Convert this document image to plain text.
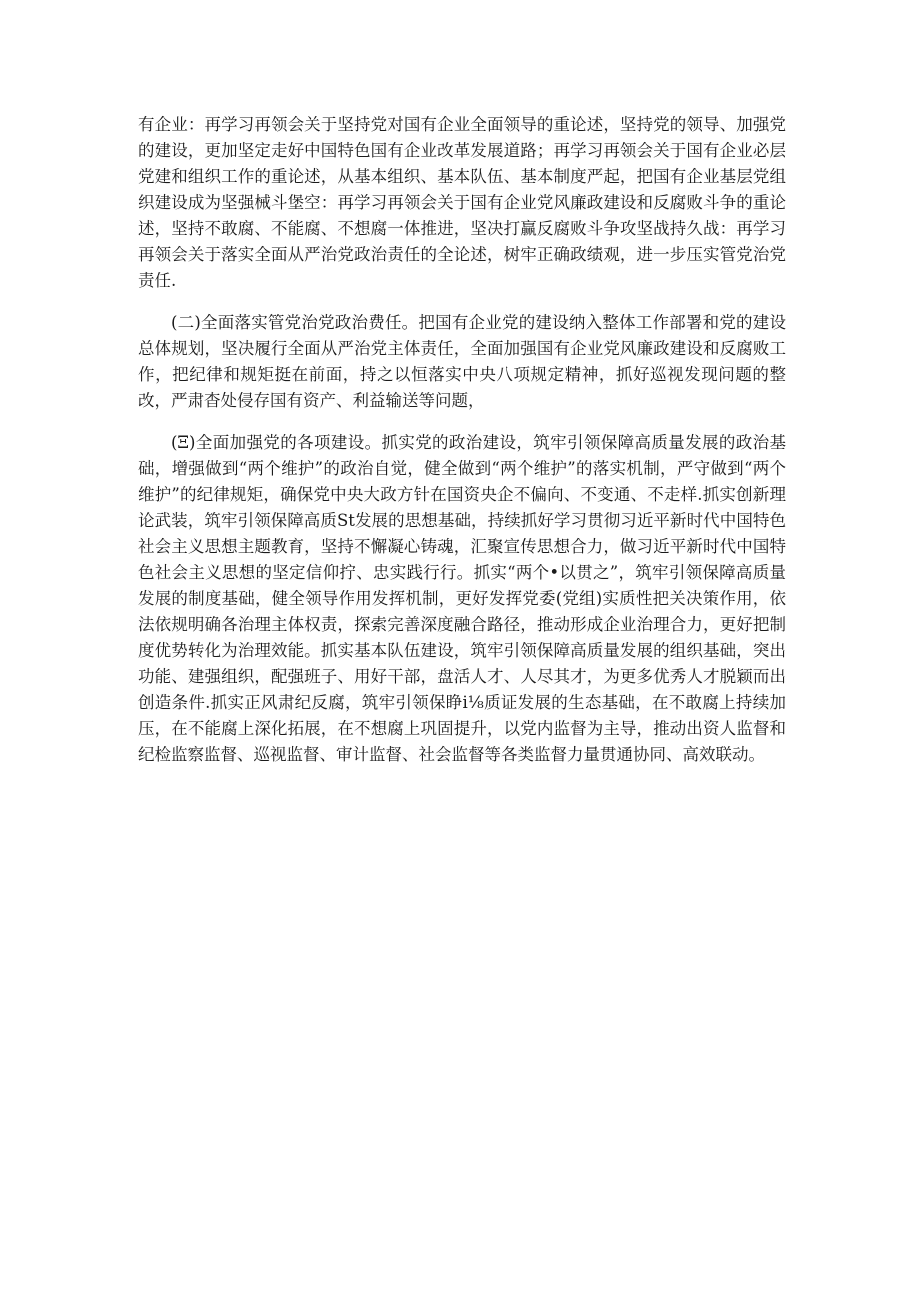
有企业：再学习再领会关于坚持党对国有企业全面领导的重论述，坚持党的领导、加强党的建设，更加坚定走好中国特色国有企业改革发展道路；再学习再领会关于国有企业必层党建和组织工作的重论述，从基本组织、基本队伍、基本制度严起，把国有企业基层党组织建设成为坚强械斗堡空：再学习再领会关于国有企业党风廉政建设和反腐败斗争的重论述，坚持不敢腐、不能腐、不想腐一体推进，坚决打赢反腐败斗争攻坚战持久战：再学习再领会关于落实全面从严治党政治责任的全论述，树牢正确政绩观，进一步压实管党治党责任.

(二)全面落实管党治党政治费任。把国有企业党的建设纳入整体工作部署和党的建设总体规划，坚决履行全面从严治党主体责任，全面加强国有企业党风廉政建设和反腐败工作，把纪律和规矩挺在前面，持之以恒落实中央八项规定精神，抓好巡视发现问题的整改，严肃杳处侵存国有资产、利益输送等问题，

(Ξ)全面加强党的各项建设。抓实党的政治建设，筑牢引领保障高质量发展的政治基础，增强做到“两个维护”的政治自觉，健全做到“两个维护”的落实机制，严守做到“两个维护”的纪律规矩，确保党中央大政方针在国资央企不偏向、不变通、不走样.抓实创新理论武装，筑牢引领保障高质St发展的思想基础，持续抓好学习贯彻习近平新时代中国特色社会主义思想主题教育，坚持不懈凝心铸魂，汇聚宣传思想合力，做习近平新时代中国特色社会主义思想的坚定信仰拧、忠实践行行。抓实“两个•以贯之”，筑牢引领保障高质量发展的制度基础，健全领导作用发挥机制，更好发挥党委(党组)实质性把关决策作用，依法依规明确各治理主体权责，探索完善深度融合路径，推动形成企业治理合力，更好把制度优势转化为治理效能。抓实基本队伍建设，筑牢引领保障高质量发展的组织基础，突出功能、建强组织，配强班子、用好干部，盘活人才、人尽其才，为更多优秀人才脱颖而出创造条件.抓实正风肃纪反腐，筑牢引领保睁i⅛质证发展的生态基础，在不敢腐上持续加压，在不能腐上深化拓展，在不想腐上巩固提升，以党内监督为主导，推动出资人监督和纪检监察监督、巡视监督、审计监督、社会监督等各类监督力量贯通协同、高效联动。
